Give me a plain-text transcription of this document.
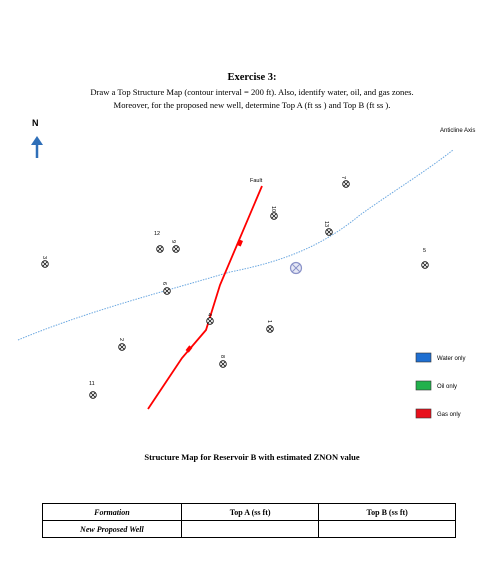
Exercise 3:
Draw a Top Structure Map (contour interval = 200 ft). Also, identify water, oil, and gas zones.
Moreover, for the proposed new well, determine Top A (ft ss ) and Top B (ft ss ).
N
Anticline Axis
Fault
3
12
9
6
2
11
4
8
1
10
13
7
5
Water only
Oil only
Gas only
Structure Map for Reservoir B with estimated ZNON value
Formation	Top A (ss ft)	Top B (ss ft)
New Proposed Well		
